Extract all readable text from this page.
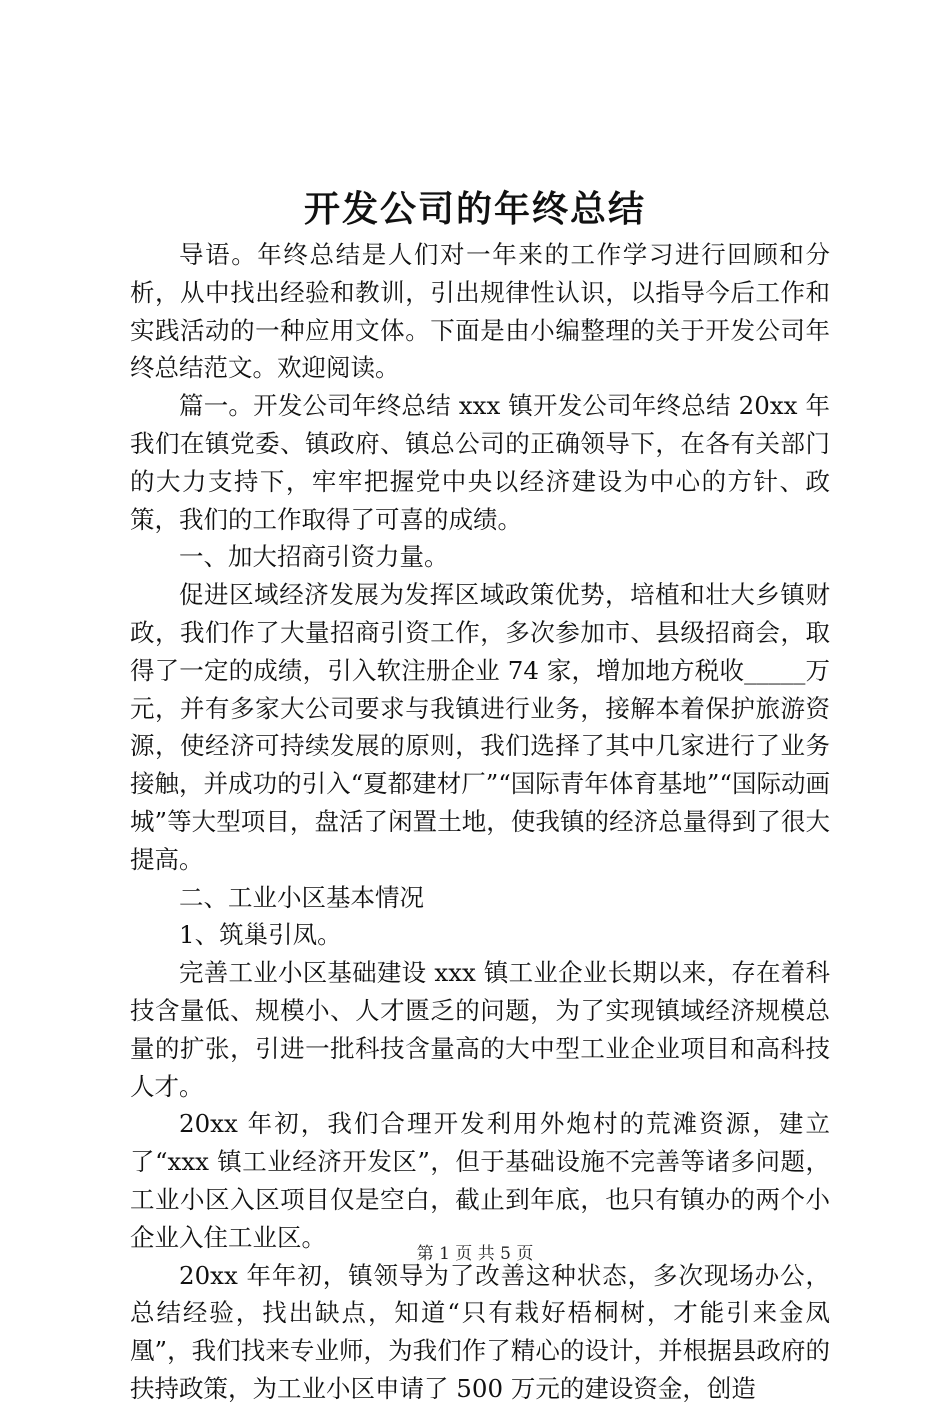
开发公司的年终总结

导语。年终总结是人们对一年来的工作学习进行回顾和分析，从中找出经验和教训，引出规律性认识，以指导今后工作和实践活动的一种应用文体。下面是由小编整理的关于开发公司年终总结范文。欢迎阅读。

篇一。开发公司年终总结 xxx 镇开发公司年终总结 20xx 年我们在镇党委、镇政府、镇总公司的正确领导下，在各有关部门的大力支持下，牢牢把握党中央以经济建设为中心的方针、政策，我们的工作取得了可喜的成绩。

一、加大招商引资力量。

促进区域经济发展为发挥区域政策优势，培植和壮大乡镇财政，我们作了大量招商引资工作，多次参加市、县级招商会，取得了一定的成绩，引入软注册企业 74 家，增加地方税收_____万元，并有多家大公司要求与我镇进行业务，接解本着保护旅游资源，使经济可持续发展的原则，我们选择了其中几家进行了业务接触，并成功的引入“夏都建材厂”“国际青年体育基地”“国际动画城”等大型项目，盘活了闲置土地，使我镇的经济总量得到了很大提高。

二、工业小区基本情况

1、筑巢引凤。

完善工业小区基础建设 xxx 镇工业企业长期以来，存在着科技含量低、规模小、人才匮乏的问题，为了实现镇域经济规模总量的扩张，引进一批科技含量高的大中型工业企业项目和高科技人才。

20xx 年初，我们合理开发利用外炮村的荒滩资源，建立了“xxx 镇工业经济开发区”，但于基础设施不完善等诸多问题，工业小区入区项目仅是空白，截止到年底，也只有镇办的两个小企业入住工业区。

20xx 年年初，镇领导为了改善这种状态，多次现场办公，总结经验，找出缺点，知道“只有栽好梧桐树，才能引来金凤凰”，我们找来专业师，为我们作了精心的设计，并根据县政府的扶持政策，为工业小区申请了 500 万元的建设资金，创造

第 1 页 共 5 页
